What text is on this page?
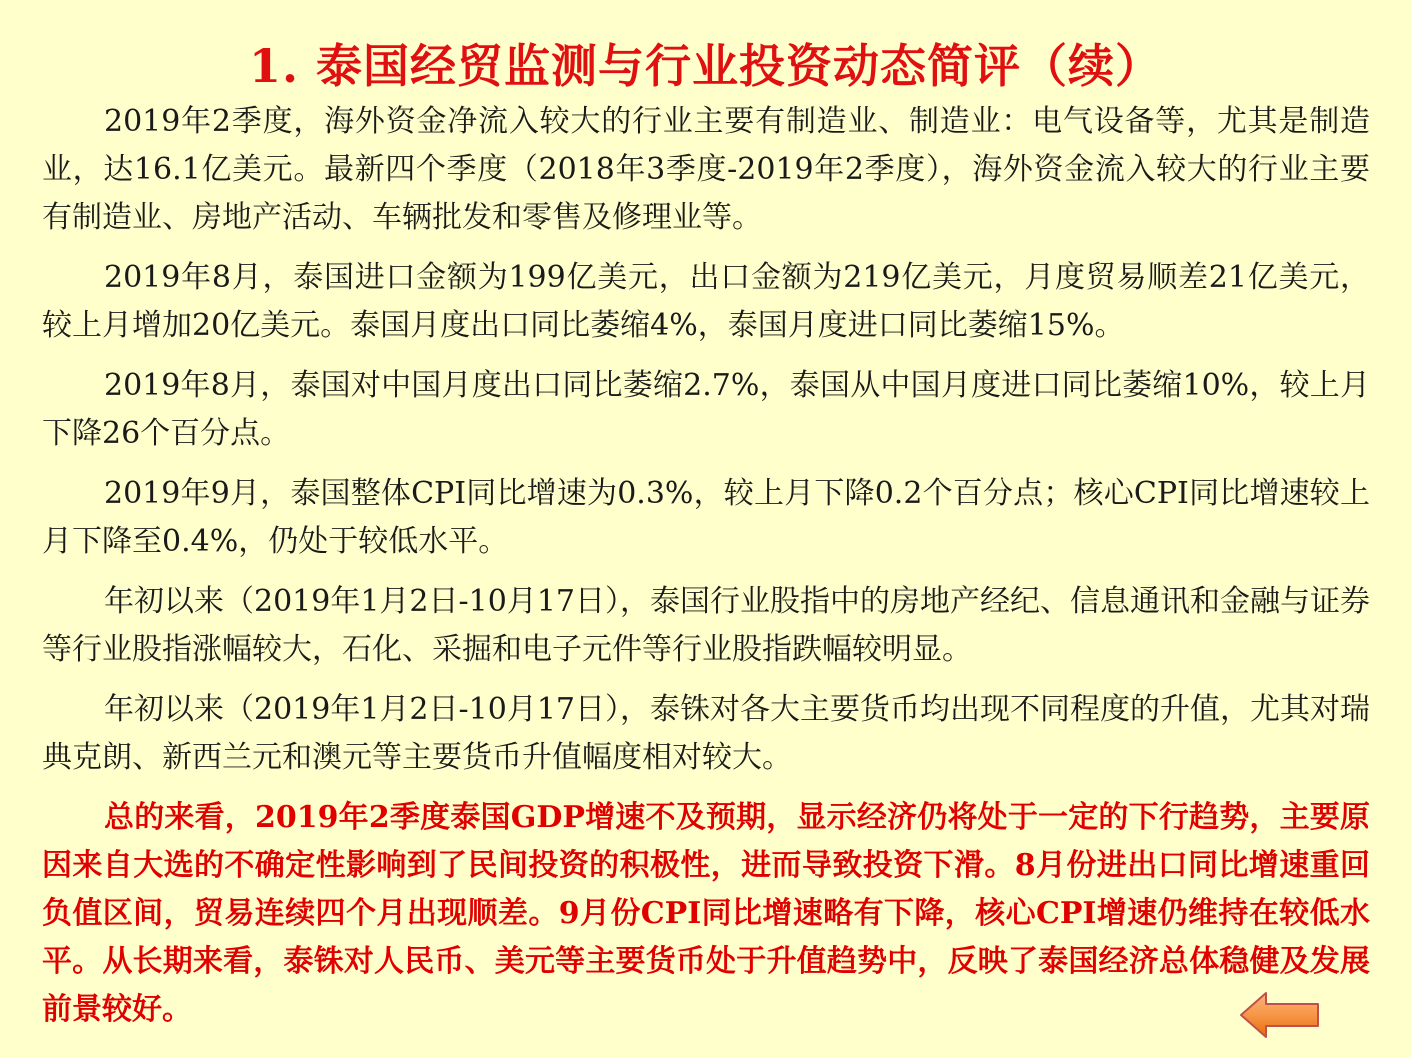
1. 泰国经贸监测与行业投资动态简评（续）

2019年2季度，海外资金净流入较大的行业主要有制造业、制造业：电气设备等，尤其是制造业，达16.1亿美元。最新四个季度（2018年3季度-2019年2季度），海外资金流入较大的行业主要有制造业、房地产活动、车辆批发和零售及修理业等。

2019年8月，泰国进口金额为199亿美元，出口金额为219亿美元，月度贸易顺差21亿美元，较上月增加20亿美元。泰国月度出口同比萎缩4%，泰国月度进口同比萎缩15%。

2019年8月，泰国对中国月度出口同比萎缩2.7%，泰国从中国月度进口同比萎缩10%，较上月下降26个百分点。

2019年9月，泰国整体CPI同比增速为0.3%，较上月下降0.2个百分点；核心CPI同比增速较上月下降至0.4%，仍处于较低水平。

年初以来（2019年1月2日-10月17日），泰国行业股指中的房地产经纪、信息通讯和金融与证券等行业股指涨幅较大，石化、采掘和电子元件等行业股指跌幅较明显。

年初以来（2019年1月2日-10月17日），泰铢对各大主要货币均出现不同程度的升值，尤其对瑞典克朗、新西兰元和澳元等主要货币升值幅度相对较大。

总的来看，2019年2季度泰国GDP增速不及预期，显示经济仍将处于一定的下行趋势，主要原因来自大选的不确定性影响到了民间投资的积极性，进而导致投资下滑。8月份进出口同比增速重回负值区间，贸易连续四个月出现顺差。9月份CPI同比增速略有下降，核心CPI增速仍维持在较低水平。从长期来看，泰铢对人民币、美元等主要货币处于升值趋势中，反映了泰国经济总体稳健及发展前景较好。
